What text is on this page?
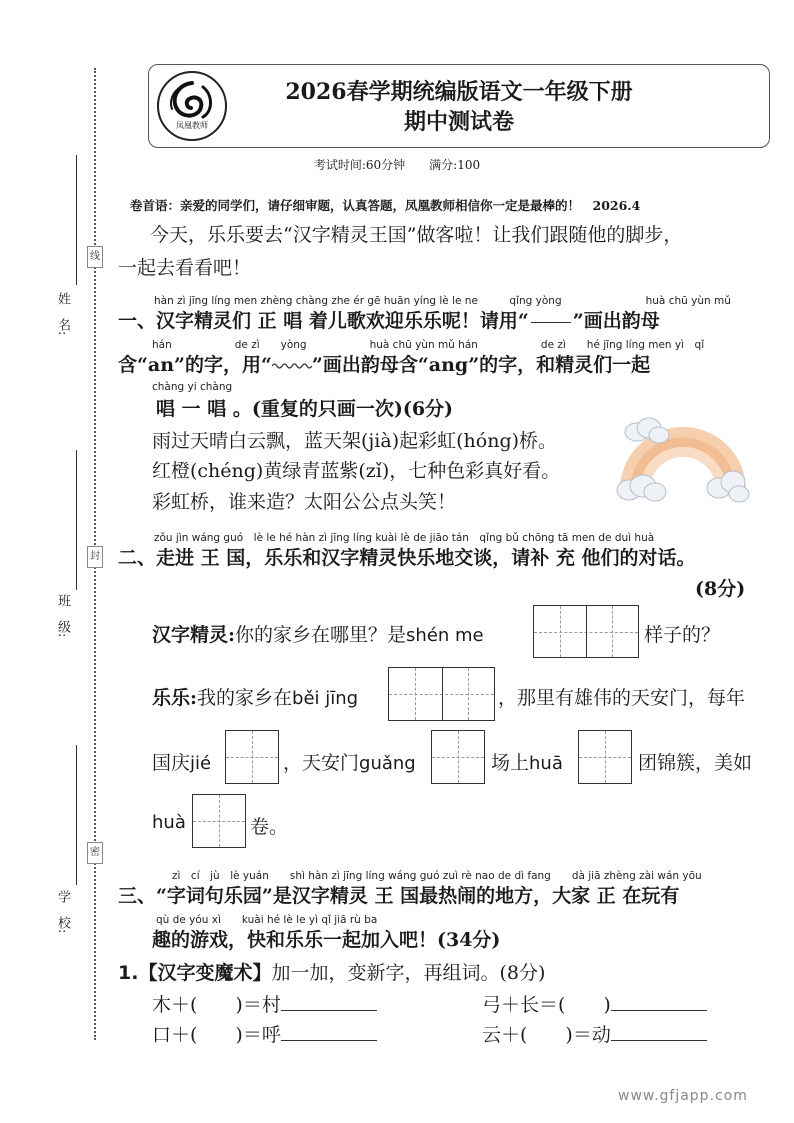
线
封
密
姓　名:
班　级:
学　校:
凤凰教师
2026春学期统编版语文一年级下册
期中测试卷
考试时间:60分钟　　满分:100
卷首语：亲爱的同学们，请仔细审题，认真答题，凤凰教师相信你一定是最棒的！　2026.4
今天，乐乐要去“汉字精灵王国”做客啦！让我们跟随他的脚步，
一起去看看吧！
hàn zì jīng líng men zhèng chàng zhe ér gē huān yíng lè le ne　　　qǐng yòng　　　　　　　　huà chū yùn mǔ
一、汉字精灵们 正 唱 着儿歌欢迎乐乐呢！请用“ ”画出韵母
hán　　　　　　de zì　　yòng　　　　　　huà chū yùn mǔ hán　　　　　　de zì　　hé jīng líng men yì　qǐ
含“an”的字，用“ ”画出韵母含“ang”的字，和精灵们一起
chàng yi chàng
唱 一 唱 。(重复的只画一次)(6分)
雨过天晴白云飘，蓝天架(jià)起彩虹(hóng)桥。
红橙(chéng)黄绿青蓝紫(zǐ)，七种色彩真好看。
彩虹桥，谁来造？太阳公公点头笑！
zǒu jìn wáng guó　lè le hé hàn zì jīng líng kuài lè de jiāo tán　qǐng bǔ chōng tā men de duì huà
二、走进 王 国，乐乐和汉字精灵快乐地交谈，请补 充 他们的对话。
(8分)
汉字精灵:你的家乡在哪里？是shén me	样子的？
乐乐:我的家乡在běi jīng	，那里有雄伟的天安门，每年
国庆jié	，天安门guǎng	场上huā	团锦簇，美如
huà	卷。
zì　cí　jù　lè yuán　　shì hàn zì jīng líng wáng guó zuì rè nao de dì fang　　dà jiā zhèng zài wán yōu
三、“字词句乐园”是汉字精灵 王 国最热闹的地方，大家 正 在玩有
qù de yóu xì　　kuài hé lè le yì qǐ jiā rù ba
趣的游戏，快和乐乐一起加入吧！(34分)
1.【汉字变魔术】加一加，变新字，再组词。(8分)
木＋(　　)＝村	弓＋长＝(　　)
口＋(　　)＝呼	云＋(　　)＝动
www.gfjapp.com
